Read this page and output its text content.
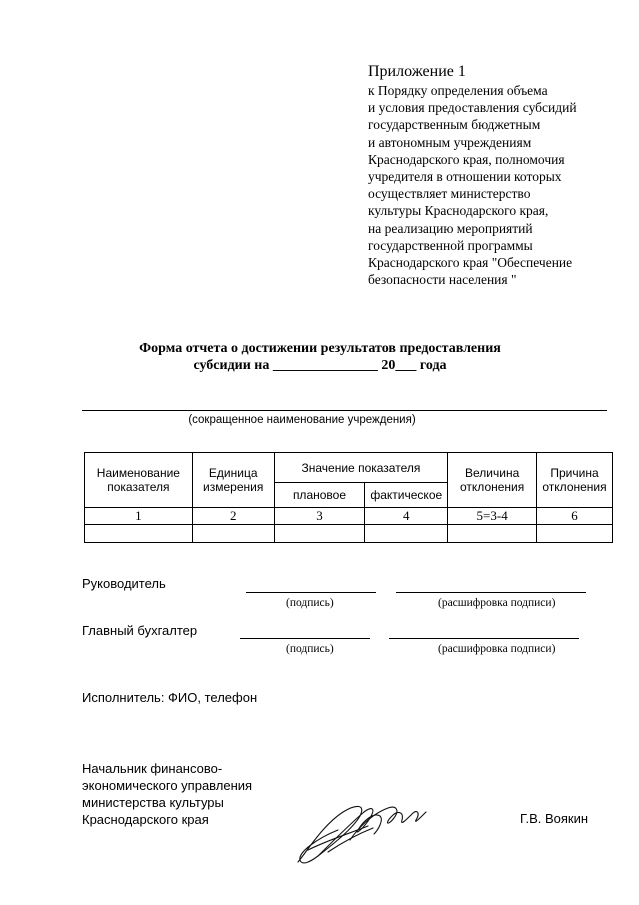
Приложение 1
к Порядку определения объема
и условия предоставления субсидий
государственным бюджетным
и автономным учреждениям
Краснодарского края, полномочия
учредителя в отношении которых
осуществляет министерство
культуры Краснодарского края,
на реализацию мероприятий
государственной программы
Краснодарского края "Обеспечение
безопасности населения "
Форма отчета о достижении результатов предоставления
субсидии на _______________ 20___ года
(сокращенное наименование учреждения)
Наименование показателя	Единица измерения	Значение показателя		Величина отклонения	Причина отклонения
		плановое	фактическое		
1	2	3	4	5=3-4	6

Руководитель
(подпись)	(расшифровка подписи)
Главный бухгалтер
(подпись)	(расшифровка подписи)
Исполнитель: ФИО, телефон
Начальник финансово-
экономического управления
министерства культуры
Краснодарского края	Г.В. Воякин
